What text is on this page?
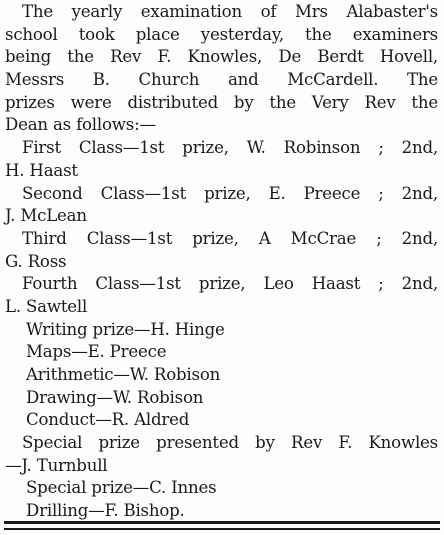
The yearly examination of Mrs Alabaster's
school took place yesterday, the examiners
being the Rev F. Knowles, De Berdt Hovell,
Messrs B. Church and McCardell. The
prizes were distributed by the Very Rev the
Dean as follows:—
First Class—1st prize, W. Robinson ; 2nd,
H. Haast
Second Class—1st prize, E. Preece ; 2nd,
J. McLean
Third Class—1st prize, A McCrae ; 2nd,
G. Ross
Fourth Class—1st prize, Leo Haast ; 2nd,
L. Sawtell
Writing prize—H. Hinge
Maps—E. Preece
Arithmetic—W. Robison
Drawing—W. Robison
Conduct—R. Aldred
Special prize presented by Rev F. Knowles
—J. Turnbull
Special prize—C. Innes
Drilling—F. Bishop.
